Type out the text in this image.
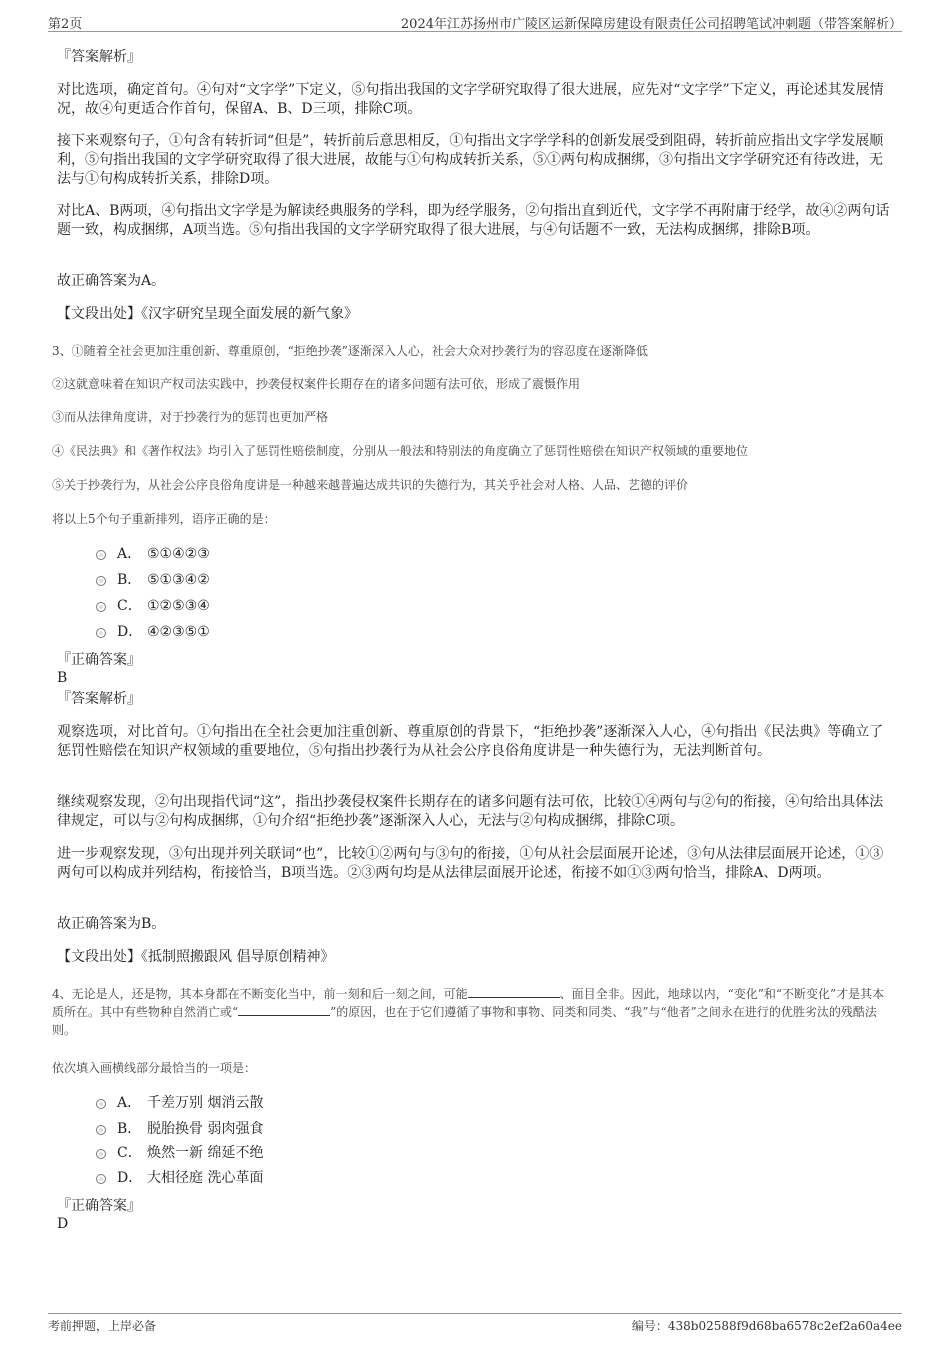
第2页	2024年江苏扬州市广陵区运新保障房建设有限责任公司招聘笔试冲刺题（带答案解析）

『答案解析』

对比选项，确定首句。④句对“文字学”下定义，⑤句指出我国的文字学研究取得了很大进展，应先对“文字学”下定义，再论述其发展情况，故④句更适合作首句，保留A、B、D三项，排除C项。

接下来观察句子，①句含有转折词“但是”，转折前后意思相反，①句指出文字学学科的创新发展受到阻碍，转折前应指出文字学发展顺利，⑤句指出我国的文字学研究取得了很大进展，故能与①句构成转折关系，⑤①两句构成捆绑，③句指出文字学研究还有待改进，无法与①句构成转折关系，排除D项。

对比A、B两项，④句指出文字学是为解读经典服务的学科，即为经学服务，②句指出直到近代，文字学不再附庸于经学，故④②两句话题一致，构成捆绑，A项当选。⑤句指出我国的文字学研究取得了很大进展，与④句话题不一致，无法构成捆绑，排除B项。

故正确答案为A。

【文段出处】《汉字研究呈现全面发展的新气象》

3、①随着全社会更加注重创新、尊重原创，“拒绝抄袭”逐渐深入人心，社会大众对抄袭行为的容忍度在逐渐降低

②这就意味着在知识产权司法实践中，抄袭侵权案件长期存在的诸多问题有法可依，形成了震慑作用

③而从法律角度讲，对于抄袭行为的惩罚也更加严格

④《民法典》和《著作权法》均引入了惩罚性赔偿制度，分别从一般法和特别法的角度确立了惩罚性赔偿在知识产权领域的重要地位

⑤关于抄袭行为，从社会公序良俗角度讲是一种越来越普遍达成共识的失德行为，其关乎社会对人格、人品、艺德的评价

将以上5个句子重新排列，语序正确的是：

A． ⑤①④②③
B． ⑤①③④②
C． ①②⑤③④
D． ④②③⑤①

『正确答案』

B

『答案解析』

观察选项，对比首句。①句指出在全社会更加注重创新、尊重原创的背景下，“拒绝抄袭”逐渐深入人心，④句指出《民法典》等确立了惩罚性赔偿在知识产权领域的重要地位，⑤句指出抄袭行为从社会公序良俗角度讲是一种失德行为，无法判断首句。

继续观察发现，②句出现指代词“这”，指出抄袭侵权案件长期存在的诸多问题有法可依，比较①④两句与②句的衔接，④句给出具体法律规定，可以与②句构成捆绑，①句介绍“拒绝抄袭”逐渐深入人心，无法与②句构成捆绑，排除C项。

进一步观察发现，③句出现并列关联词“也”，比较①②两句与③句的衔接，①句从社会层面展开论述，③句从法律层面展开论述，①③两句可以构成并列结构，衔接恰当，B项当选。②③两句均是从法律层面展开论述，衔接不如①③两句恰当，排除A、D两项。

故正确答案为B。

【文段出处】《抵制照搬跟风 倡导原创精神》

4、无论是人，还是物，其本身都在不断变化当中，前一刻和后一刻之间，可能	、面目全非。因此，地球以内，“变化”和“不断变化”才是其本质所在。其中有些物种自然消亡或“	”的原因，也在于它们遵循了事物和事物、同类和同类、“我”与“他者”之间永在进行的优胜劣汰的残酷法则。

依次填入画横线部分最恰当的一项是：

A． 千差万别 烟消云散
B． 脱胎换骨 弱肉强食
C． 焕然一新 绵延不绝
D． 大相径庭 洗心革面

『正确答案』

D

考前押题，上岸必备	编号：438b02588f9d68ba6578c2ef2a60a4ee
